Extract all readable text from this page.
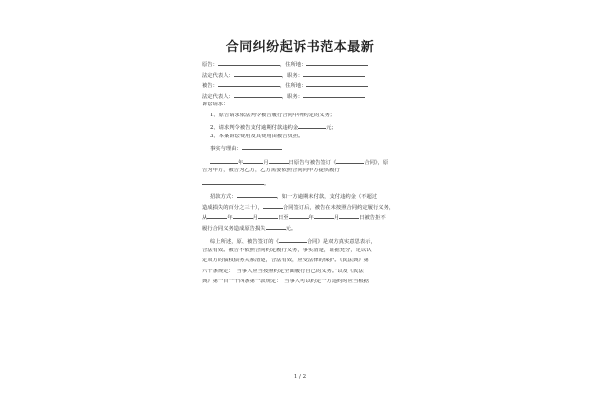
合同纠纷起诉书范本最新
原告：	，住所地：
法定代表人：	，职务：
被告：	，住所地：
法定代表人：	，职务：
诉讼请求：
1、原告请求依法判令被告履行合同中所约定的义务；
2、请求判令被告支付逾期付款违约金	元；
3、本案诉讼费用及其费用由被告负担。
事实与理由：
年	月	日原告与被告签订《	合同》，原
告为甲方，被告为乙方，乙方需要依照合同向甲方提供履行
。
招款方式：	，如一方逾期未付款，支付违约金（不超过
造成损失的百分之三十），	合同签订后，被告在未按照合同约定履行义务，
从	年	月	日至	年	月	日被告拒不
履行合同义务造成原告损失	元。
综上所述，原、被告签订的《	合同》是双方真实意思表示，
合法有效。被告不依照合同约定履行义务，事实清楚，证据充分，足以认
定双方的债权债务关系清楚，合法有效，应受法律的保护。《民法典》第
六十条规定：“当事人应当按照约定全面履行自己的义务。”以及《民法
典》第一百一十四条第一款规定：“当事人可以约定一方违约时应当根据
1 / 2
